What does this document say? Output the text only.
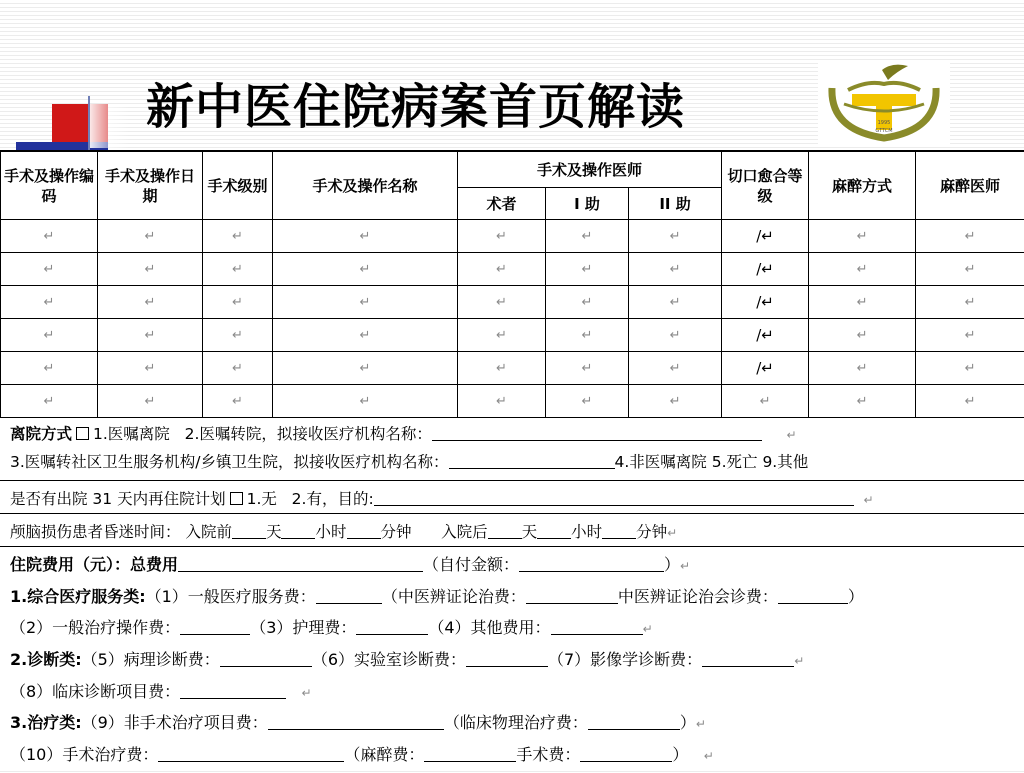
新中医住院病案首页解读	1995
GTTCM
手术及操作编码	手术及操作日期	手术级别	手术及操作名称	手术及操作医师			切口愈合等级	麻醉方式	麻醉医师
				术者	I 助	II 助			
↵	↵	↵	↵	↵	↵	↵	/↵	↵	↵
↵	↵	↵	↵	↵	↵	↵	/↵	↵	↵
↵	↵	↵	↵	↵	↵	↵	/↵	↵	↵
↵	↵	↵	↵	↵	↵	↵	/↵	↵	↵
↵	↵	↵	↵	↵	↵	↵	/↵	↵	↵
↵	↵	↵	↵	↵	↵	↵	↵	↵	↵
离院方式 1.医嘱离院 2.医嘱转院，拟接收医疗机构名称：	↵
3.医嘱转社区卫生服务机构/乡镇卫生院，拟接收医疗机构名称：	4.非医嘱离院 5.死亡 9.其他
是否有出院 31 天内再住院计划 1.无 2.有，目的:	↵
颅脑损伤患者昏迷时间： 入院前 天 小时 分钟 入院后 天 小时 分钟↵
住院费用（元）：总费用	（自付金额：	）↵
1.综合医疗服务类:（1）一般医疗服务费：	（中医辨证论治费：	中医辨证论治会诊费：	）
（2）一般治疗操作费：	（3）护理费：	（4）其他费用：	↵
2.诊断类:（5）病理诊断费：	（6）实验室诊断费：	（7）影像学诊断费：	↵
（8）临床诊断项目费：	↵
3.治疗类:（9）非手术治疗项目费：	（临床物理治疗费：	）↵
（10）手术治疗费：	（麻醉费：	手术费：	） ↵
